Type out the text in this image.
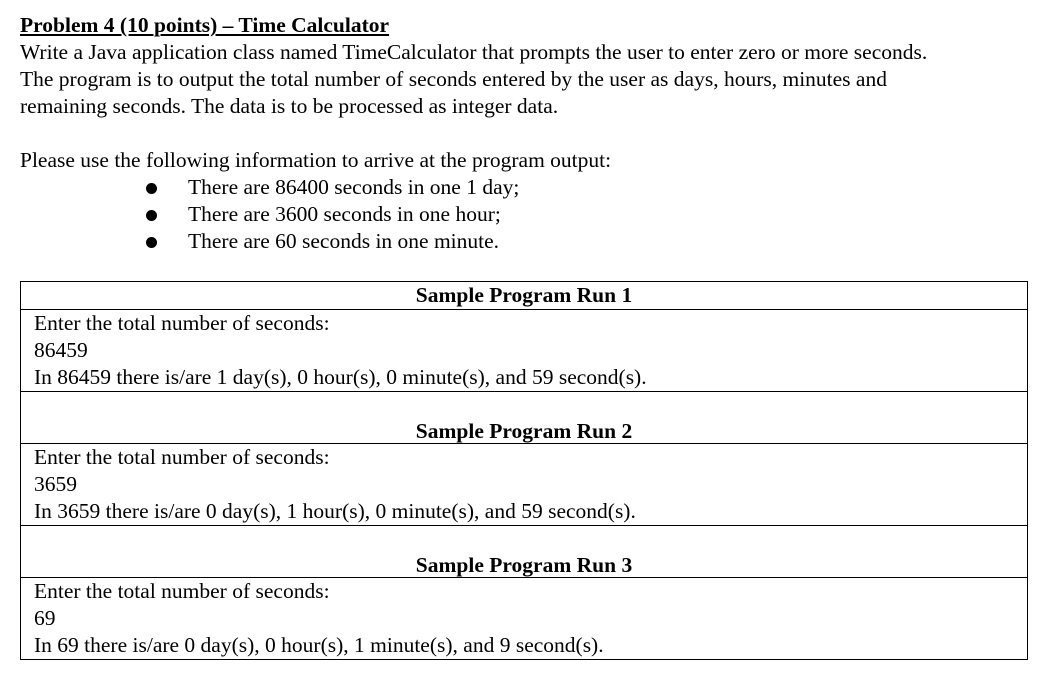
Problem 4 (10 points) – Time Calculator
Write a Java application class named TimeCalculator that prompts the user to enter zero or more seconds.
The program is to output the total number of seconds entered by the user as days, hours, minutes and
remaining seconds. The data is to be processed as integer data.
Please use the following information to arrive at the program output:
There are 86400 seconds in one 1 day;
There are 3600 seconds in one hour;
There are 60 seconds in one minute.
Sample Program Run 1
Enter the total number of seconds:
86459
In 86459 there is/are 1 day(s), 0 hour(s), 0 minute(s), and 59 second(s).
Sample Program Run 2
Enter the total number of seconds:
3659
In 3659 there is/are 0 day(s), 1 hour(s), 0 minute(s), and 59 second(s).
Sample Program Run 3
Enter the total number of seconds:
69
In 69 there is/are 0 day(s), 0 hour(s), 1 minute(s), and 9 second(s).
